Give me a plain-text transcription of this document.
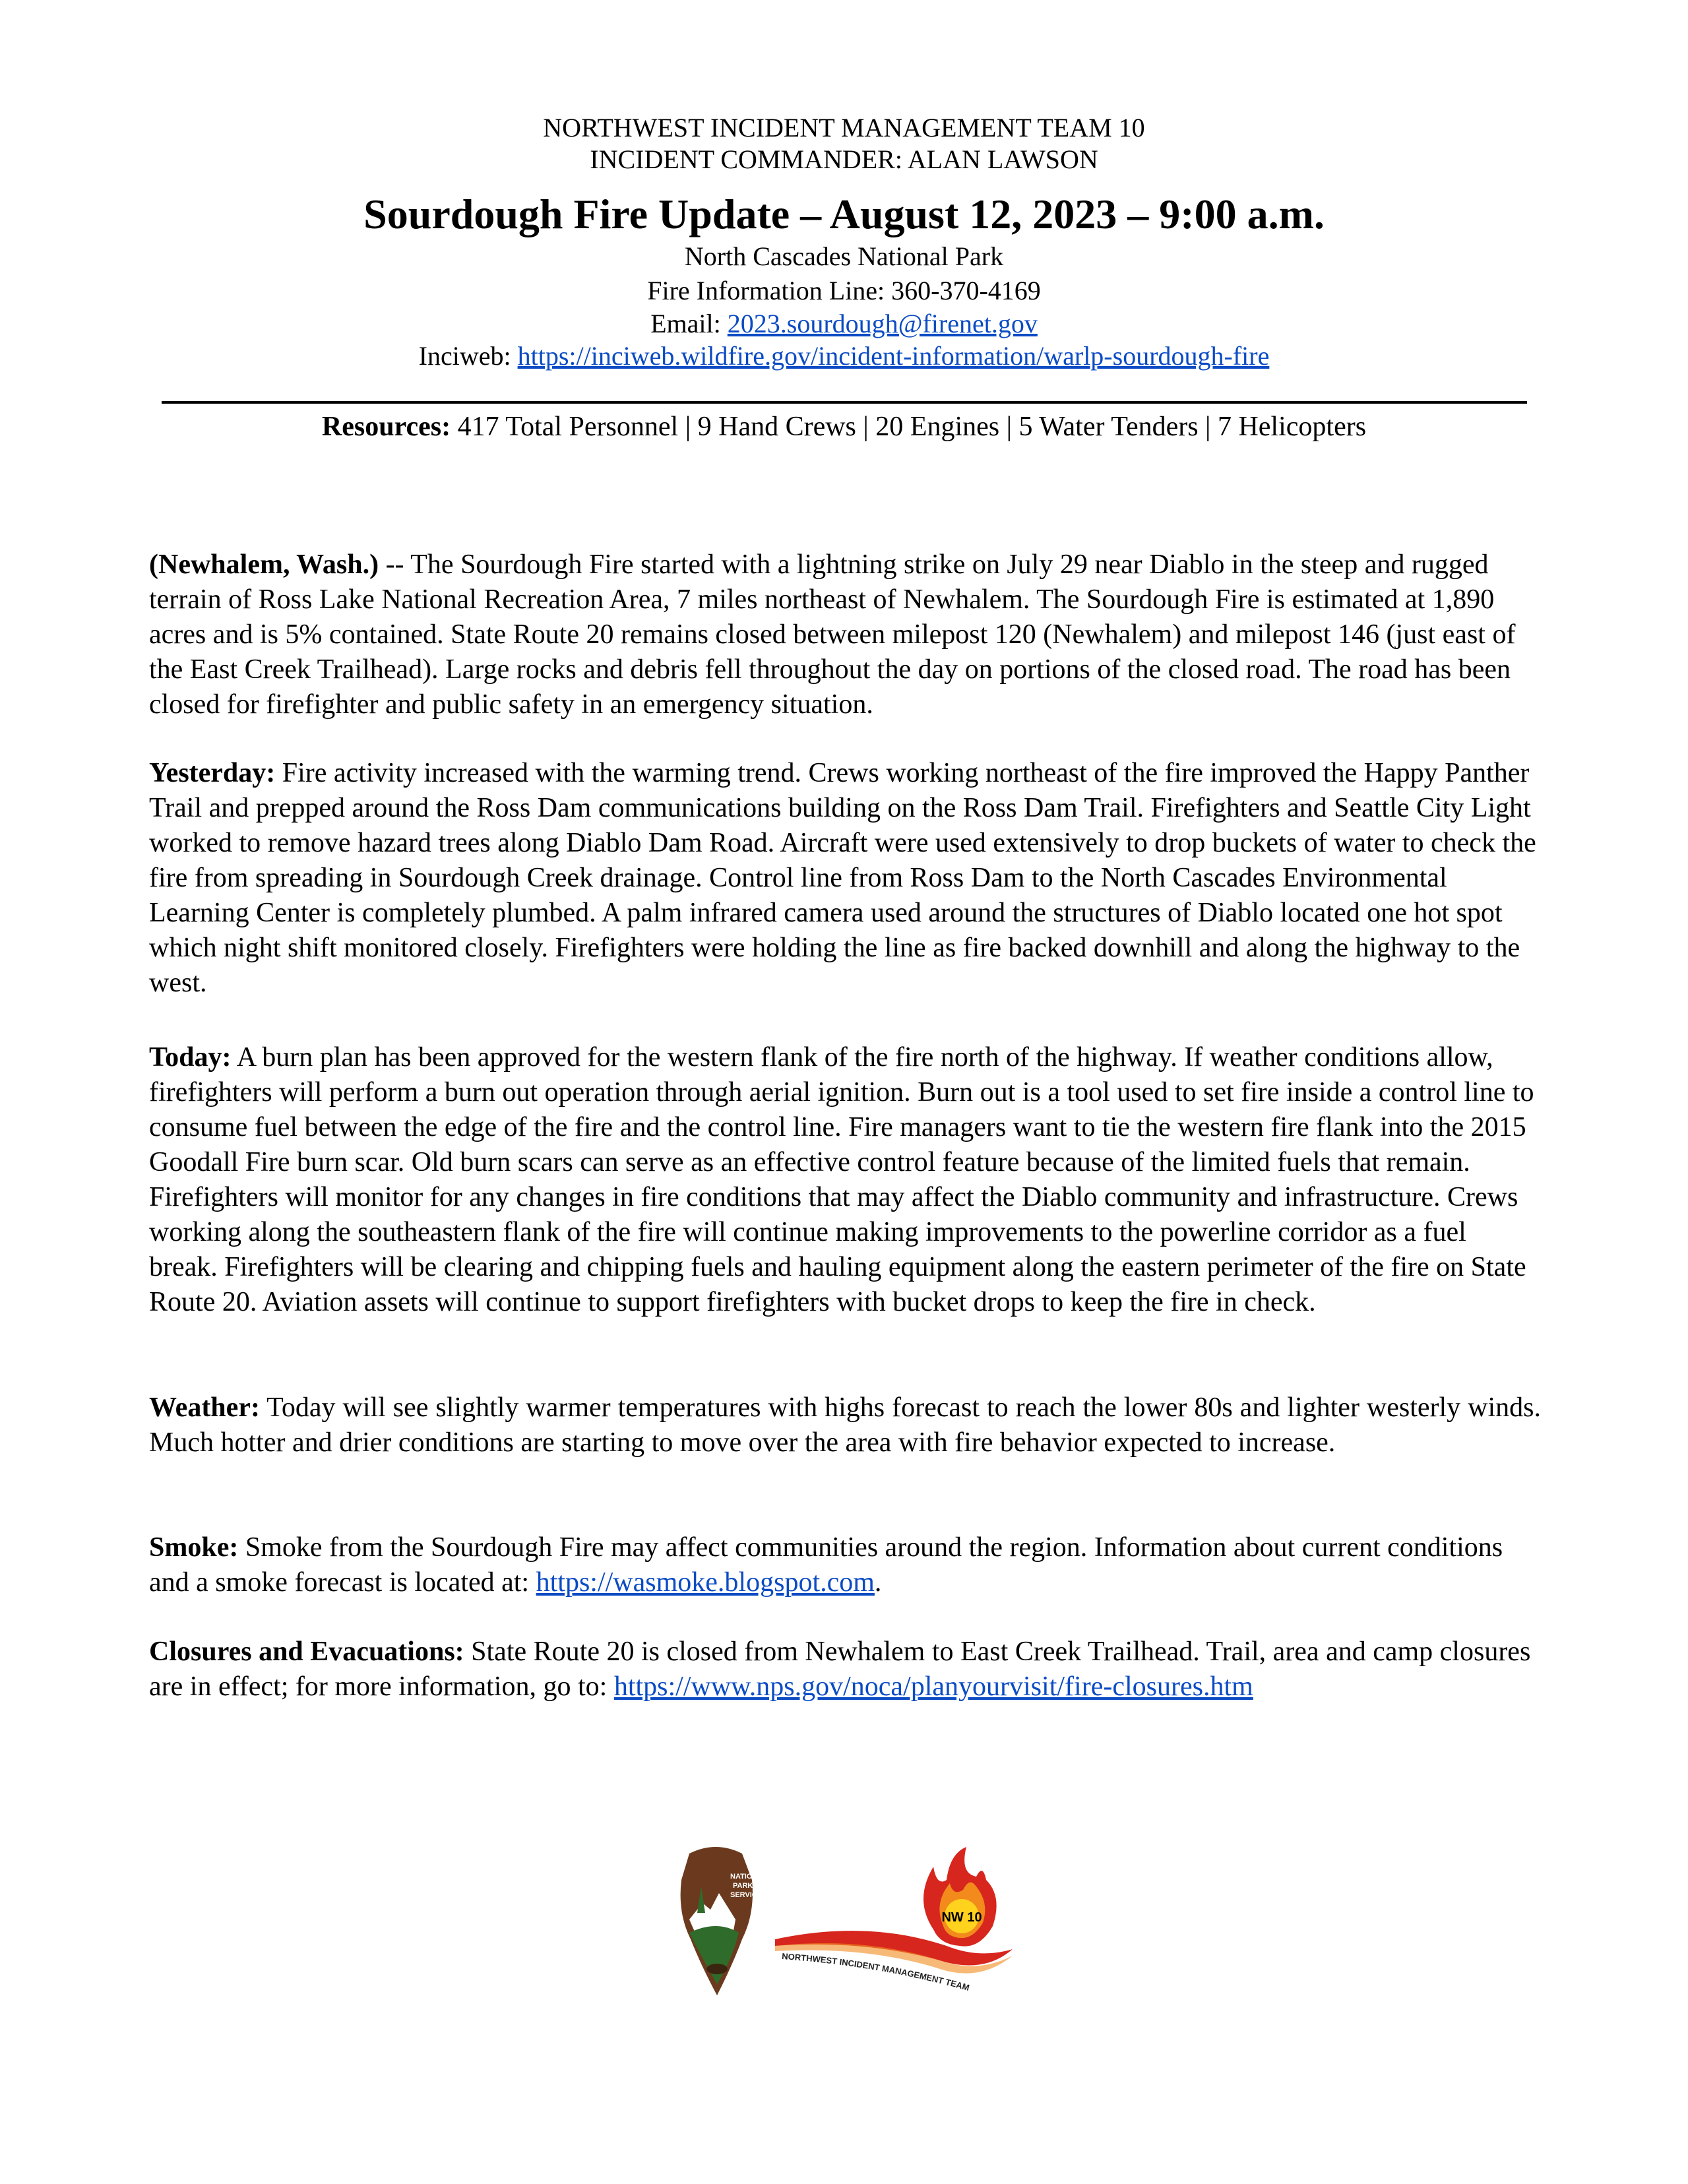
NORTHWEST INCIDENT MANAGEMENT TEAM 10
INCIDENT COMMANDER: ALAN LAWSON
Sourdough Fire Update – August 12, 2023 – 9:00 a.m.
North Cascades National Park
Fire Information Line: 360-370-4169
Email: 2023.sourdough@firenet.gov
Inciweb: https://inciweb.wildfire.gov/incident-information/warlp-sourdough-fire
Resources: 417 Total Personnel | 9 Hand Crews | 20 Engines | 5 Water Tenders | 7 Helicopters
(Newhalem, Wash.) -- The Sourdough Fire started with a lightning strike on July 29 near Diablo in the steep and rugged terrain of Ross Lake National Recreation Area, 7 miles northeast of Newhalem. The Sourdough Fire is estimated at 1,890 acres and is 5% contained. State Route 20 remains closed between milepost 120 (Newhalem) and milepost 146 (just east of the East Creek Trailhead). Large rocks and debris fell throughout the day on portions of the closed road. The road has been closed for firefighter and public safety in an emergency situation.
Yesterday: Fire activity increased with the warming trend. Crews working northeast of the fire improved the Happy Panther Trail and prepped around the Ross Dam communications building on the Ross Dam Trail. Firefighters and Seattle City Light worked to remove hazard trees along Diablo Dam Road. Aircraft were used extensively to drop buckets of water to check the fire from spreading in Sourdough Creek drainage. Control line from Ross Dam to the North Cascades Environmental Learning Center is completely plumbed. A palm infrared camera used around the structures of Diablo located one hot spot which night shift monitored closely. Firefighters were holding the line as fire backed downhill and along the highway to the west.
Today: A burn plan has been approved for the western flank of the fire north of the highway. If weather conditions allow, firefighters will perform a burn out operation through aerial ignition. Burn out is a tool used to set fire inside a control line to consume fuel between the edge of the fire and the control line. Fire managers want to tie the western fire flank into the 2015 Goodall Fire burn scar. Old burn scars can serve as an effective control feature because of the limited fuels that remain. Firefighters will monitor for any changes in fire conditions that may affect the Diablo community and infrastructure. Crews working along the southeastern flank of the fire will continue making improvements to the powerline corridor as a fuel break. Firefighters will be clearing and chipping fuels and hauling equipment along the eastern perimeter of the fire on State Route 20. Aviation assets will continue to support firefighters with bucket drops to keep the fire in check.
Weather: Today will see slightly warmer temperatures with highs forecast to reach the lower 80s and lighter westerly winds. Much hotter and drier conditions are starting to move over the area with fire behavior expected to increase.
Smoke: Smoke from the Sourdough Fire may affect communities around the region. Information about current conditions and a smoke forecast is located at: https://wasmoke.blogspot.com.
Closures and Evacuations: State Route 20 is closed from Newhalem to East Creek Trailhead. Trail, area and camp closures are in effect; for more information, go to: https://www.nps.gov/noca/planyourvisit/fire-closures.htm
NATIONAL
PARK
SERVICE
NW 10
NORTHWEST INCIDENT MANAGEMENT TEAM
